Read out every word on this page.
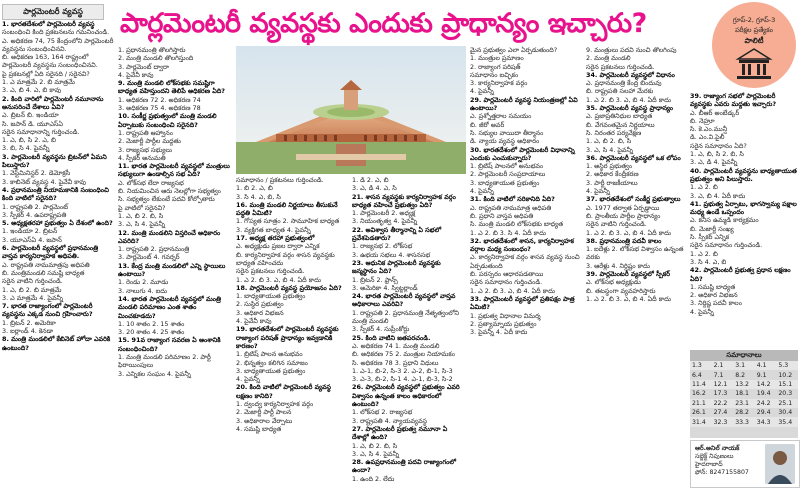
పార్లమెంటరీ వ్యవస్థ	పార్లమెంటరీ వ్యవస్థకు ఎందుకు ప్రాధాన్యం ఇచ్చారు?	గ్రూప్-2, గ్రూప్-3
పరీక్షల ప్రత్యేకం
పాలిటీ

1. భారతదేశంలో పార్లమెంటరీ వ్యవస్థ

సంబంధించి కింది ప్రకటనలను గమనించండి.

ఎ. అధికరణ 74, 75 కేంద్రంలోని పార్లమెంటరీ వ్యవస్థను సంబంధించినవి.

బి. అధికరణ 163, 164 రాష్ట్రంలో పార్లమెంటరీ వ్యవస్థను సంబంధించినవి.

పై ప్రకటనల్లో ఏది సరైనది / సరైనవి?

1. ఎ మాత్రమే 2. బి మాత్రమే

3. ఎ, బి 4. ఎ, బి కావు

2. కింది వారిలో పార్లమెంటరీ నమూనాను అనుసరించే దేశాలు ఏవి?

ఎ. బ్రిటన్ బి. ఇండియా

సి. జపాన్ డి. యూఎస్‌ఏ

సరైన సమాధానాన్ని గుర్తించండి.

1. ఎ, బి, సి 2. ఎ, బి

3. బి, సి 4. పైవన్నీ

3. పార్లమెంటరీ వ్యవస్థను బ్రిటన్‌లో ఏమని పిలుస్తారు?

1. వెస్ట్‌మినిస్టర్ 2. డెమోక్రసీ

3. కాబినెట్ వ్యవస్థ 4. పైవేవీ కావు

4. ప్రధానమంత్రి నియామకానికి సంబంధించి కింది వాటిలో సరైనది?

1. రాష్ట్రపతి 2. పార్లమెంట్

3. స్పీకర్ 4. ఉపరాష్ట్రపతి

5. అధ్యక్షతరహా ప్రభుత్వం ఏ దేశంలో ఉంది?

1. ఇండియా 2. బ్రిటన్

3. యూఎస్‌ఏ 4. జపాన్

6. పార్లమెంటరీ వ్యవస్థలో ప్రధానమంత్రి వాస్తవ కార్యనిర్వాహక అధిపతి.

ఎ. రాష్ట్రపతి నామమాత్రపు అధిపతి

బి. మంత్రిమండలి సమష్టి బాధ్యత

సరైన వాటిని గుర్తించండి.

1. ఎ, బి 2. బి మాత్రమే

3. ఎ మాత్రమే 4. పైవన్నీ

7. భారత రాజ్యాంగంలో పార్లమెంటరీ వ్యవస్థను ఎక్కడ నుంచి గ్రహించారు?

1. బ్రిటన్ 2. అమెరికా

3. ఐర్లాండ్ 4. కెనడా

8. మంత్రి మండలిలో కేబినెట్ హోదా ఎవరికి ఉంటుంది?

1. ప్రధానమంత్రి తొలగిస్తారు

2. మంత్రి మండలి తొలగిస్తుంది

3. పార్లమెంట్ ద్వారా

4. పైవేవీ కావు

9. మంత్రి మండలి లోక్‌సభకు సమష్టిగా బాధ్యత వహిస్తుందని తెలిపే అధికరణ ఏది?

1. అధికరణ 72 2. అధికరణ 74

3. అధికరణ 75 4. అధికరణ 78

10. సంకీర్ణ ప్రభుత్వంలో మంత్రి మండలి ఏర్పాటుకు సంబంధించి సరైనది?

1. రాష్ట్రపతి ఆహ్వానం

2. మెజార్టీ పార్టీల మద్దతు

3. రాజ్యసభ సభ్యులు

4. స్పీకర్ అనుమతి

11. భారత పార్లమెంటరీ వ్యవస్థలో మంత్రులు సభ్యులుగా ఉండాల్సిన సభ ఏది?

ఎ. లోక్‌సభ లేదా రాజ్యసభ

బి. నియమించిన ఆరు నెలల్లోగా సభ్యత్వం

సి. సభ్యత్వం లేకుంటే పదవి కోల్పోతారు

పై వాటిలో సరైనవి?

1. ఎ, బి 2. బి, సి

3. ఎ, సి 4. పైవన్నీ

12. మంత్రి మండలిని విస్తరించే అధికారం ఎవరిది?

1. రాష్ట్రపతి 2. ప్రధానమంత్రి

3. పార్లమెంట్ 4. గవర్నర్

13. కేంద్ర మంత్రి మండలిలో ఎన్ని స్థాయిలు ఉంటాయి?

1. రెండు 2. మూడు

3. నాలుగు 4. ఐదు

14. భారత పార్లమెంటరీ వ్యవస్థలో మంత్రి మండలి పరిమాణం ఎంత శాతం మించకూడదు?

1. 10 శాతం 2. 15 శాతం

3. 20 శాతం 4. 25 శాతం

15. 91వ రాజ్యాంగ సవరణ ఏ అంశానికి సంబంధించింది?

1. మంత్రి మండలి పరిమాణం 2. పార్టీ ఫిరాయింపులు

3. ఎన్నికల సంఘం 4. పైవన్నీ

సమాధానం / ప్రకటనలు గుర్తించండి.

1. బి 2. ఎ, బి

3. సి 4. ఎ, బి, సి

16. మంత్రి మండలి నిర్ణయాలు తీసుకునే పద్ధతి ఏమిటి?

1. గోప్యత సూత్రం 2. సామూహిక బాధ్యత

3. వ్యక్తిగత బాధ్యత 4. పైవన్నీ

17. అధ్యక్ష తరహా ప్రభుత్వంలో

ఎ. అధ్యక్షుడు ప్రజల ద్వారా ఎన్నిక

బి. కార్యనిర్వాహక వర్గం శాసన వ్యవస్థకు బాధ్యత వహించదు

సరైన ప్రకటనలు గుర్తించండి.

1. ఎ 2. బి 3. ఎ, బి 4. ఏదీ కాదు

18. పార్లమెంటరీ వ్యవస్థ ప్రయోజనం ఏది?

1. బాధ్యతాయుత ప్రభుత్వం

2. సుస్థిర ప్రభుత్వం

3. అధికార విభజన

4. పైవేవీ కావు

19. భారతదేశంలో పార్లమెంటరీ వ్యవస్థకు రాజ్యాంగ పరిషత్ ప్రాధాన్యం ఇవ్వడానికి కారణం?

1. బ్రిటిష్ పాలన అనుభవం

2. భిన్నత్వం కలిగిన సమాజం

3. బాధ్యతాయుత ప్రభుత్వం

4. పైవన్నీ

20. కింది వాటిలో పార్లమెంటరీ వ్యవస్థ లక్షణం కానిది?

1. ద్వంద్వ కార్యనిర్వాహక వర్గం

2. మెజార్టీ పార్టీ పాలన

3. అధికారాల వేర్పాటు

4. సమష్టి బాధ్యత

1. డి 2. ఎ, బి

3. ఎ, డి 4. ఎ, సి

21. శాసన వ్యవస్థకు కార్యనిర్వాహక వర్గం బాధ్యత వహించే ప్రభుత్వం ఏది?

1. పార్లమెంటరీ 2. అధ్యక్ష

3. నియంతృత్వ 4. పైవన్నీ

22. అవిశ్వాస తీర్మానాన్ని ఏ సభలో ప్రవేశపెడతారు?

1. రాజ్యసభ 2. లోక్‌సభ

3. ఉభయ సభలు 4. శాసనసభ

23. ఆధునిక పార్లమెంటరీ వ్యవస్థకు జన్మస్థానం ఏది?

1. బ్రిటన్ 2. ఫ్రాన్స్

3. అమెరికా 4. స్విట్జర్లాండ్

24. భారత పార్లమెంటరీ వ్యవస్థలో వాస్తవ అధికారాలు ఎవరివి?

1. రాష్ట్రపతి 2. ప్రధానమంత్రి నేతృత్వంలోని మంత్రి మండలి

3. స్పీకర్ 4. సుప్రీంకోర్టు

25. కింది వాటిని జతపరచండి.

ఎ. అధికరణ 74 1. మంత్రి మండలి

బి. అధికరణ 75 2. మంత్రుల నియామకం

సి. అధికరణ 78 3. ప్రధాని విధులు

1. ఎ-1, బి-2, సి-3 2. ఎ-2, బి-1, సి-3

3. ఎ-3, బి-2, సి-1 4. ఎ-1, బి-3, సి-2

26. పార్లమెంటరీ వ్యవస్థలో ప్రభుత్వం ఎవరి విశ్వాసం ఉన్నంత కాలం అధికారంలో ఉంటుంది?

1. లోక్‌సభ 2. రాజ్యసభ

3. రాష్ట్రపతి 4. న్యాయవ్యవస్థ

27. పార్లమెంటరీ ప్రభుత్వ నమూనా ఏ దేశాల్లో ఉంది?

1. ఎ, బి 2. బి, సి

3. ఎ, సి 4. పైవన్నీ

28. ఉపప్రధానమంత్రి పదవి రాజ్యాంగంలో ఉందా?

1. ఉంది 2. లేదు

మైన ప్రభుత్వం ఎలా ఏర్పడుతుంది?

1. మంత్రుల ప్రమాణం

2. రాజ్యాంగ పరిషత్

సమాధానం ఐచ్ఛికం

3. కార్యనిర్వాహక వర్గం

4. పైవన్నీ

29. పార్లమెంటరీ వ్యవస్థ నియంత్రణల్లో ఏవి ఉంటాయి?

ఎ. ప్రశ్నోత్తరాల సమయం

బి. జీరో అవర్

సి. సభ్యుల వాయిదా తీర్మానం

డి. న్యాయ వ్యవస్థ అధికారం

30. భారతదేశంలో పార్లమెంటరీ విధానాన్ని ఎందుకు ఎంచుకున్నారు?

1. బ్రిటిష్ పాలనలో అనుభవం

2. పార్లమెంటరీ సంప్రదాయాలు

3. బాధ్యతాయుత ప్రభుత్వం

4. పైవన్నీ

31. కింది వాటిలో సరికానిది ఏది?

ఎ. రాష్ట్రపతి నామమాత్ర అధిపతి

బి. ప్రధాని వాస్తవ అధిపతి

సి. మంత్రి మండలి లోక్‌సభకు బాధ్యత

1. ఎ 2. బి 3. సి 4. ఏదీ కాదు

32. భారతదేశంలో శాసన, కార్యనిర్వాహక వర్గాల మధ్య సంబంధం?

ఎ. కార్యనిర్వాహక వర్గం శాసన వ్యవస్థ నుంచి ఏర్పడుతుంది

బి. పరస్పరం ఆధారపడతాయి

సరైన సమాధానం గుర్తించండి.

1. ఎ 2. బి 3. ఎ, బి 4. ఏదీ కాదు

33. పార్లమెంటరీ వ్యవస్థలో ప్రతిపక్షం పాత్ర ఏమిటి?

1. ప్రభుత్వ విధానాల విమర్శ

2. ప్రత్యామ్నాయ ప్రభుత్వం

3. పైవన్నీ 4. ఏదీ కాదు

9. మంత్రులు పదవి నుంచి తొలగింపు

2. మంత్రి మండలి

సరైన ప్రకటనలు గుర్తించండి.

34. పార్లమెంటరీ వ్యవస్థలో విధానం

ఎ. ప్రధానమంత్రి కేంద్ర బిందువు

బి. రాష్ట్రపతి సలహా మేరకు

1. ఎ 2. బి 3. ఎ, బి 4. ఏదీ కాదు

35. పార్లమెంటరీ వ్యవస్థ ప్రాధాన్యం

ఎ. ప్రజాప్రతినిధుల బాధ్యత

బి. వేగవంతమైన నిర్ణయాలు

సి. నిరంతర పర్యవేక్షణ

1. ఎ, బి 2. బి, సి

3. ఎ, సి 4. పైవన్నీ

36. పార్లమెంటరీ వ్యవస్థలో ఒక లోపం

1. అస్థిర ప్రభుత్వం

2. అధికార కేంద్రీకరణ

3. పార్టీ రాజకీయాలు

4. పైవన్నీ

37. భారతదేశంలో సంకీర్ణ ప్రభుత్వాలు

ఎ. 1977 తర్వాత ఏర్పడ్డాయి

బి. ప్రాంతీయ పార్టీల ప్రాధాన్యం

సరైన వాటిని గుర్తించండి.

1. ఎ 2. బి 3. ఎ, బి 4. ఏదీ కాదు

38. ప్రధానమంత్రి పదవీ కాలం

1. ఐదేళ్లు 2. లోక్‌సభ విశ్వాసం ఉన్నంత వరకు

3. ఆరేళ్లు 4. నిర్దిష్టం కాదు

39. పార్లమెంటరీ వ్యవస్థలో స్పీకర్

ఎ. లోక్‌సభ అధ్యక్షుడు

బి. తటస్థంగా వ్యవహరిస్తారు

1. ఎ 2. బి 3. ఎ, బి 4. ఏదీ కాదు

39. రాజ్యాంగ సభలో పార్లమెంటరీ వ్యవస్థకు ఎవరు మద్దతు ఇచ్చారు?

ఎ. బీఆర్ అంబేడ్కర్

బి. నెహ్రూ

సి. కె.ఎం.మున్షీ

డి. ఎం.వి.పైలీ

సరైన సమాధానం ఏది?

1. ఎ, బి, సి 2. బి, సి

3. ఎ, డి 4. పైవన్నీ

40. పార్లమెంటరీ వ్యవస్థను బాధ్యతాయుత ప్రభుత్వం అని పిలుస్తారు.

1. ఎ 2. బి

3. ఎ, బి 4. ఏదీ కాదు

41. ప్రభుత్వ ఏర్పాటు, భాగస్వామ్య పక్షాల మధ్య ఉండే ఒప్పందం

ఎ. కనీస ఉమ్మడి కార్యక్రమం

బి. మెజార్టీ సంఖ్య

సి. స్పీకర్ ఎన్నిక

సరైన సమాధానం గుర్తించండి.

1. ఎ 2. బి

3. సి 4. ఎ, బి

42. పార్లమెంటరీ ప్రభుత్వ ప్రధాన లక్షణం ఏది?

1. సమష్టి బాధ్యత

2. అధికార విభజన

3. నిర్దిష్ట పదవీ కాలం

4. పైవన్నీ

సమాధానాలు
1.3	2.1	3.1	4.1	5.3
6.4	7.1	8.2	9.1	10.2
11.4	12.1	13.2	14.2	15.1
16.2	17.3	18.1	19.4	20.3
21.1	22.2	23.1	24.2	25.1
26.1	27.4	28.2	29.4	30.4
31.4	32.3	33.3	34.3	35.4
ఆర్.అనిల్ నాయక్
సబ్జెక్ట్ నిపుణులు
హైదరాబాద్
ఫోన్: 8247155807
